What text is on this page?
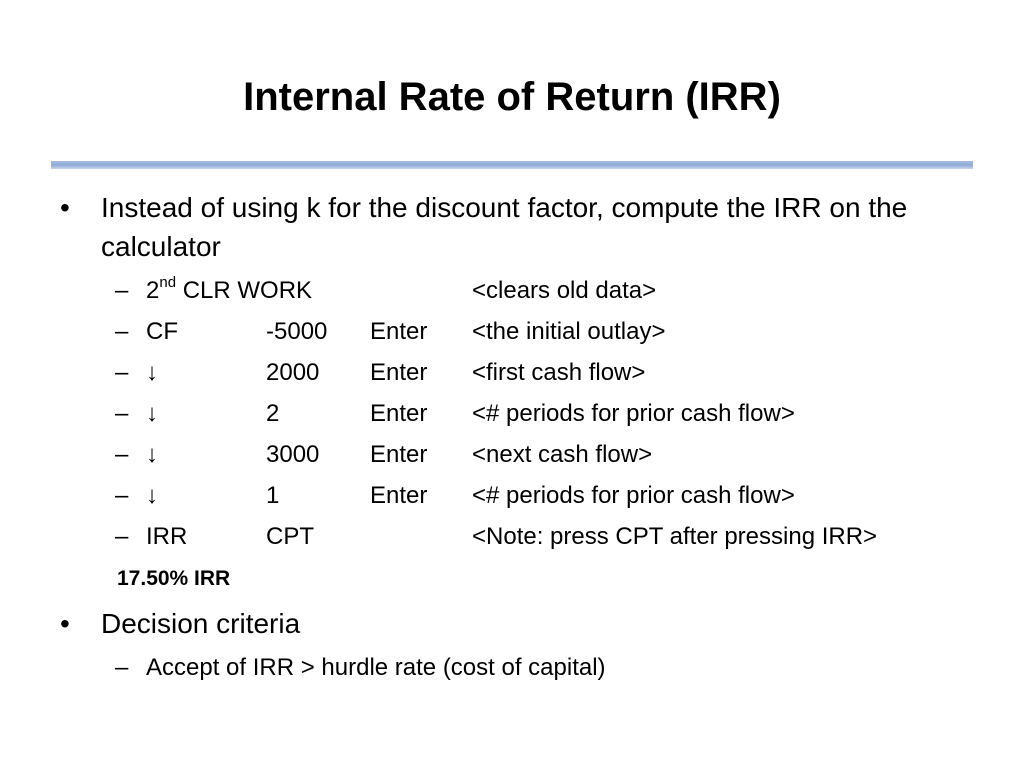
Internal Rate of Return (IRR)
• Instead of using k for the discount factor, compute the IRR on the calculator
– 2nd CLR WORK	<clears old data>
– CF	-5000 Enter <the initial outlay>
– ↓	2000 Enter <first cash flow>
– ↓	2	Enter <# periods for prior cash flow>
– ↓	3000 Enter <next cash flow>
– ↓	1	Enter <# periods for prior cash flow>
– IRR	CPT	<Note: press CPT after pressing IRR>
17.50% IRR
• Decision criteria
– Accept of IRR > hurdle rate (cost of capital)
